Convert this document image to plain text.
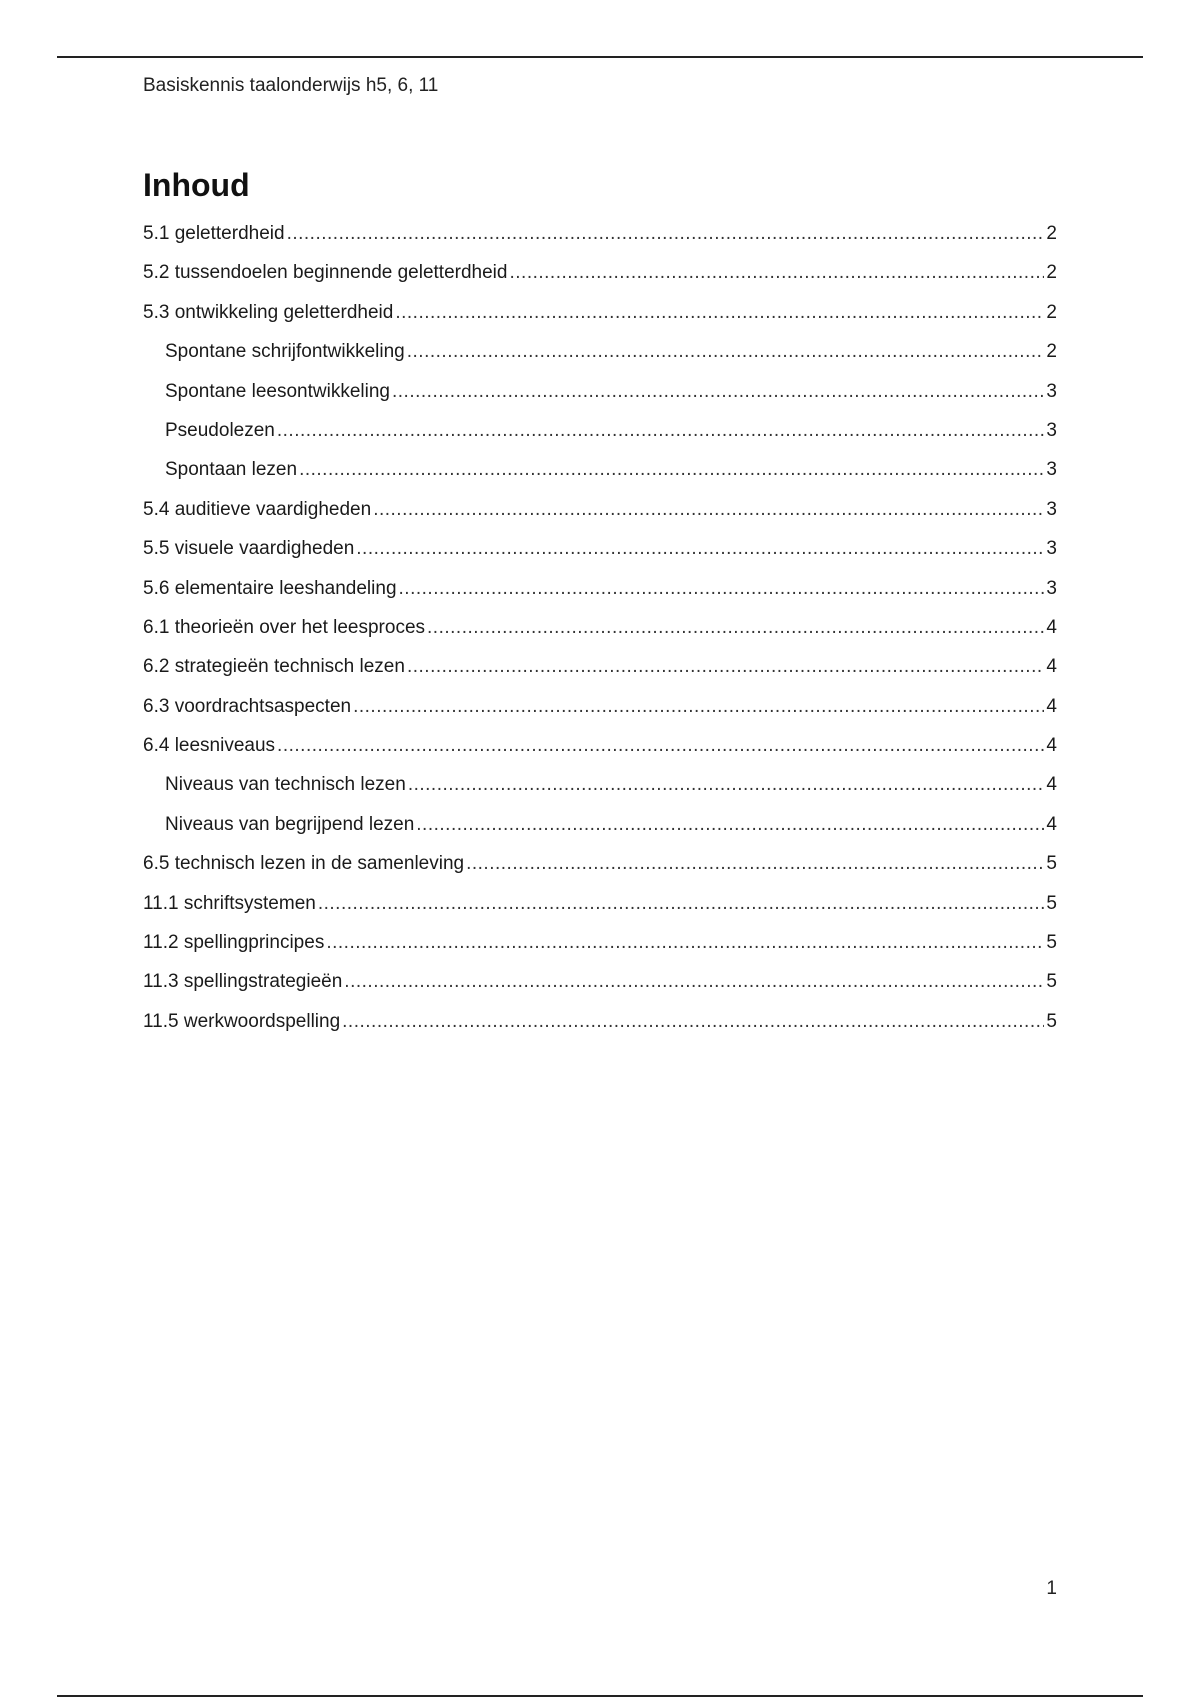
Basiskennis taalonderwijs h5, 6, 11
Inhoud
5.1 geletterdheid .....	2
5.2 tussendoelen beginnende geletterdheid .....	2
5.3 ontwikkeling geletterdheid .....	2
Spontane schrijfontwikkeling .....	2
Spontane leesontwikkeling .....	3
Pseudolezen .....	3
Spontaan lezen .....	3
5.4 auditieve vaardigheden .....	3
5.5 visuele vaardigheden .....	3
5.6 elementaire leeshandeling .....	3
6.1 theorieën over het leesproces .....	4
6.2 strategieën technisch lezen .....	4
6.3 voordrachtsaspecten .....	4
6.4 leesniveaus .....	4
Niveaus van technisch lezen .....	4
Niveaus van begrijpend lezen .....	4
6.5 technisch lezen in de samenleving .....	5
11.1 schriftsystemen .....	5
11.2 spellingprincipes .....	5
11.3 spellingstrategieën .....	5
11.5 werkwoordspelling .....	5
1
